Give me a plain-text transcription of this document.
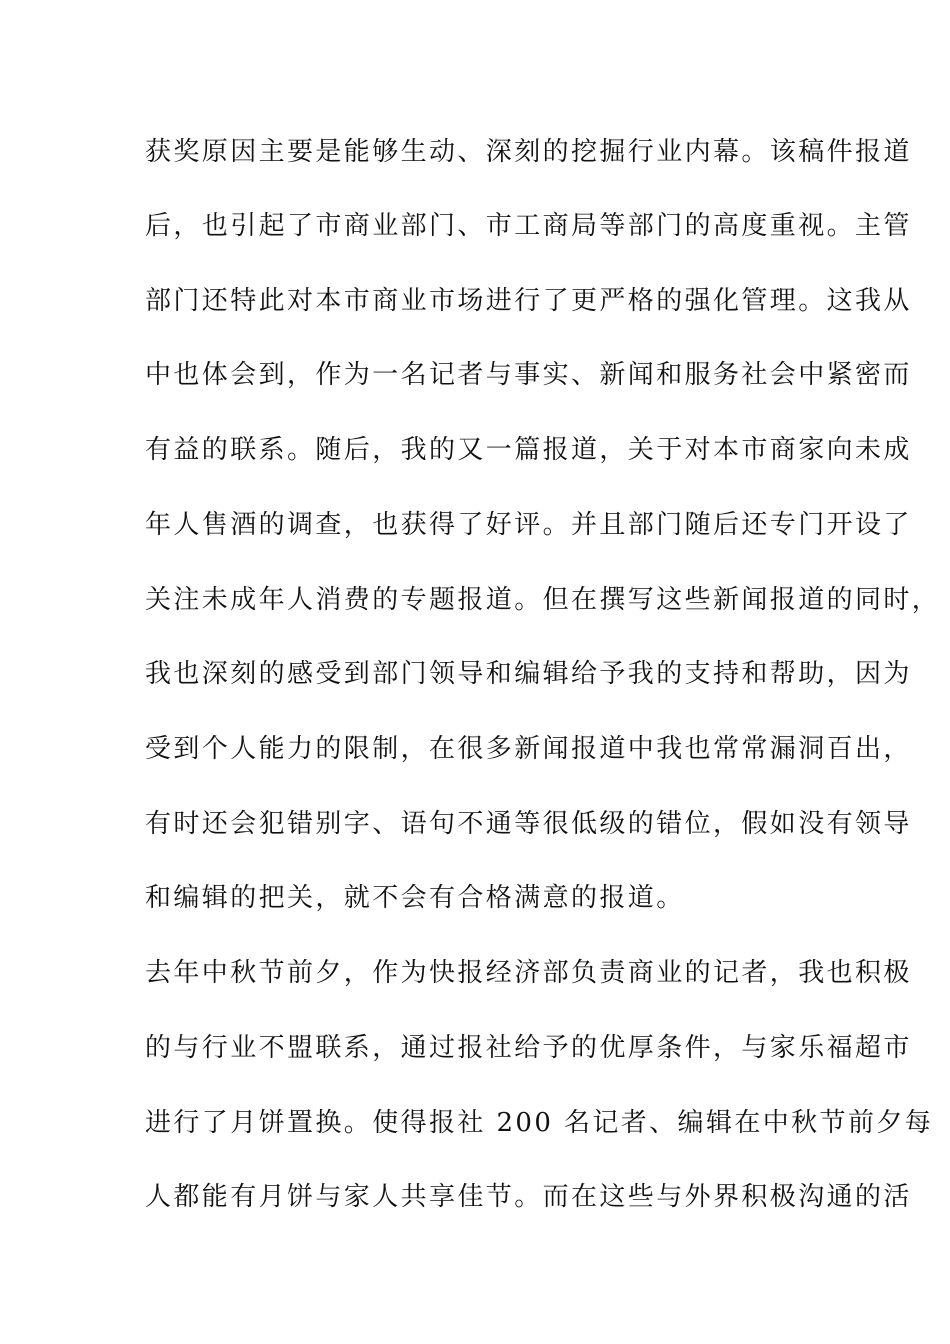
获奖原因主要是能够生动、深刻的挖掘行业内幕。该稿件报道
后，也引起了市商业部门、市工商局等部门的高度重视。主管
部门还特此对本市商业市场进行了更严格的强化管理。这我从
中也体会到，作为一名记者与事实、新闻和服务社会中紧密而
有益的联系。随后，我的又一篇报道，关于对本市商家向未成
年人售酒的调查，也获得了好评。并且部门随后还专门开设了
关注未成年人消费的专题报道。但在撰写这些新闻报道的同时，
我也深刻的感受到部门领导和编辑给予我的支持和帮助，因为
受到个人能力的限制，在很多新闻报道中我也常常漏洞百出，
有时还会犯错别字、语句不通等很低级的错位，假如没有领导
和编辑的把关，就不会有合格满意的报道。
去年中秋节前夕，作为快报经济部负责商业的记者，我也积极
的与行业不盟联系，通过报社给予的优厚条件，与家乐福超市
进行了月饼置换。使得报社 200 名记者、编辑在中秋节前夕每
人都能有月饼与家人共享佳节。而在这些与外界积极沟通的活
